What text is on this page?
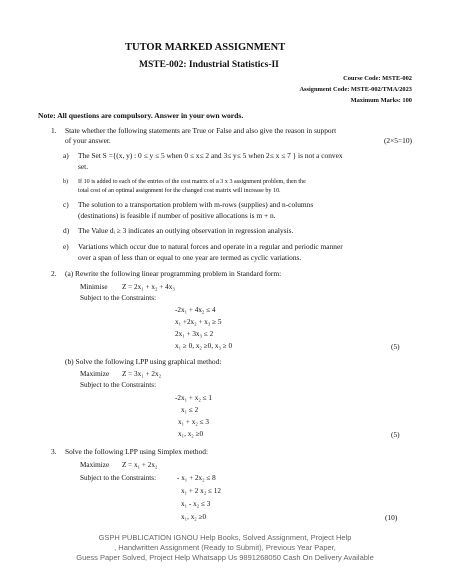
TUTOR MARKED ASSIGNMENT
MSTE-002: Industrial Statistics-II
Course Code: MSTE-002
Assignment Code: MSTE-002/TMA/2023
Maximum Marks: 100
Note: All questions are compulsory. Answer in your own words.
1. State whether the following statements are True or False and also give the reason in support
of your answer.	(2×5=10)
a) The Set S ={(x, y) : 0 ≤ y ≤ 5 when 0 ≤ x≤ 2 and 3≤ y≤ 5 when 2≤ x ≤ 7 } is not a convex
set.
b) If 10 is added to each of the entries of the cost matrix of a 3 x 3 assignment problem, then the
total cost of an optimal assignment for the changed cost matrix will increase by 10.
c) The solution to a transportation problem with m-rows (supplies) and n-columns
(destinations) is feasible if number of positive allocations is m + n.
d) The Value dᵢ ≥ 3 indicates an outlying observation in regression analysis.
e) Variations which occur due to natural forces and operate in a regular and periodic manner
over a span of less than or equal to one year are termed as cyclic variations.
2. (a) Rewrite the following linear programming problem in Standard form:
Minimise Z = 2x₁ + x₂ + 4x₃
Subject to the Constraints:
-2x₁ + 4x₂ ≤ 4
x₁ +2x₂ + x₃ ≥ 5
2x₁ + 3x₃ ≤ 2
x₁ ≥ 0, x₂ ≥0, x₃ ≥ 0	(5)
(b) Solve the following LPP using graphical method:
Maximize Z = 3x₁ + 2x₂
Subject to the Constraints:
-2x₁ + x₂ ≤ 1
x₁ ≤ 2
x₁ + x₂ ≤ 3
x₁, x₂ ≥0	(5)
3. Solve the following LPP using Simplex method:
Maximize Z = x₁ + 2x₂
Subject to the Constraints:	- x₁ + 2x₂ ≤ 8
x₁ + 2 x₂ ≤ 12
x₁ - x₂ ≤ 3
x₁, x₂ ≥0	(10)
GSPH PUBLICATION IGNOU Help Books, Solved Assignment, Project Help
, Handwritten Assignment (Ready to Submit), Previous Year Paper,
Guess Paper Solved, Project Help Whatsapp Us 9891268050 Cash On Delivery Available
